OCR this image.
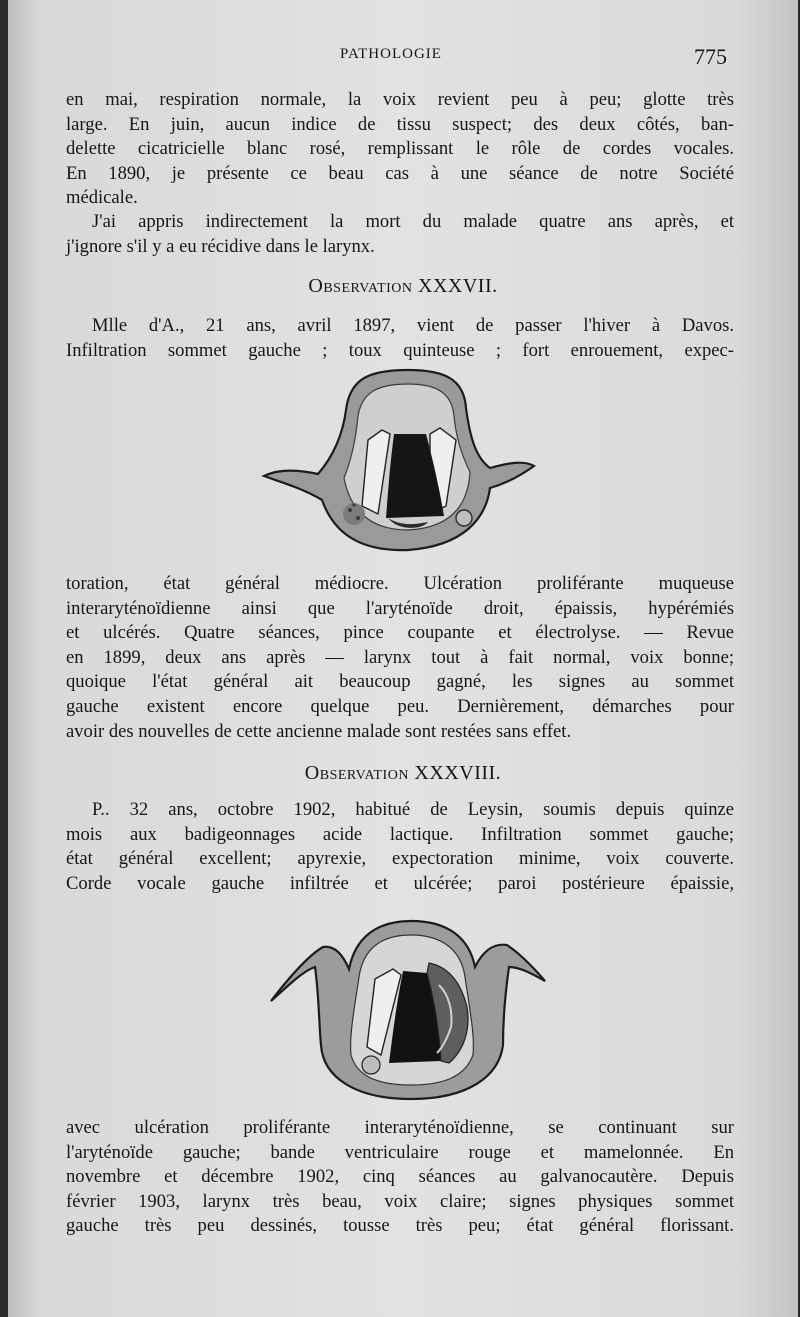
PATHOLOGIE	775
en mai, respiration normale, la voix revient peu à peu; glotte très
large. En juin, aucun indice de tissu suspect; des deux côtés, ban-
delette cicatricielle blanc rosé, remplissant le rôle de cordes vocales.
En 1890, je présente ce beau cas à une séance de notre Société
médicale.
J'ai appris indirectement la mort du malade quatre ans après, et
j'ignore s'il y a eu récidive dans le larynx.
Observation XXXVII.
Mlle d'A., 21 ans, avril 1897, vient de passer l'hiver à Davos.
Infiltration sommet gauche ; toux quinteuse ; fort enrouement, expec-
toration, état général médiocre. Ulcération proliférante muqueuse
interaryténoïdienne ainsi que l'aryténoïde droit, épaissis, hypérémiés
et ulcérés. Quatre séances, pince coupante et électrolyse. — Revue
en 1899, deux ans après — larynx tout à fait normal, voix bonne;
quoique l'état général ait beaucoup gagné, les signes au sommet
gauche existent encore quelque peu. Dernièrement, démarches pour
avoir des nouvelles de cette ancienne malade sont restées sans effet.
Observation XXXVIII.
P.. 32 ans, octobre 1902, habitué de Leysin, soumis depuis quinze
mois aux badigeonnages acide lactique. Infiltration sommet gauche;
état général excellent; apyrexie, expectoration minime, voix couverte.
Corde vocale gauche infiltrée et ulcérée; paroi postérieure épaissie,
avec ulcération proliférante interaryténoïdienne, se continuant sur
l'aryténoïde gauche; bande ventriculaire rouge et mamelonnée. En
novembre et décembre 1902, cinq séances au galvanocautère. Depuis
février 1903, larynx très beau, voix claire; signes physiques sommet
gauche très peu dessinés, tousse très peu; état général florissant.
